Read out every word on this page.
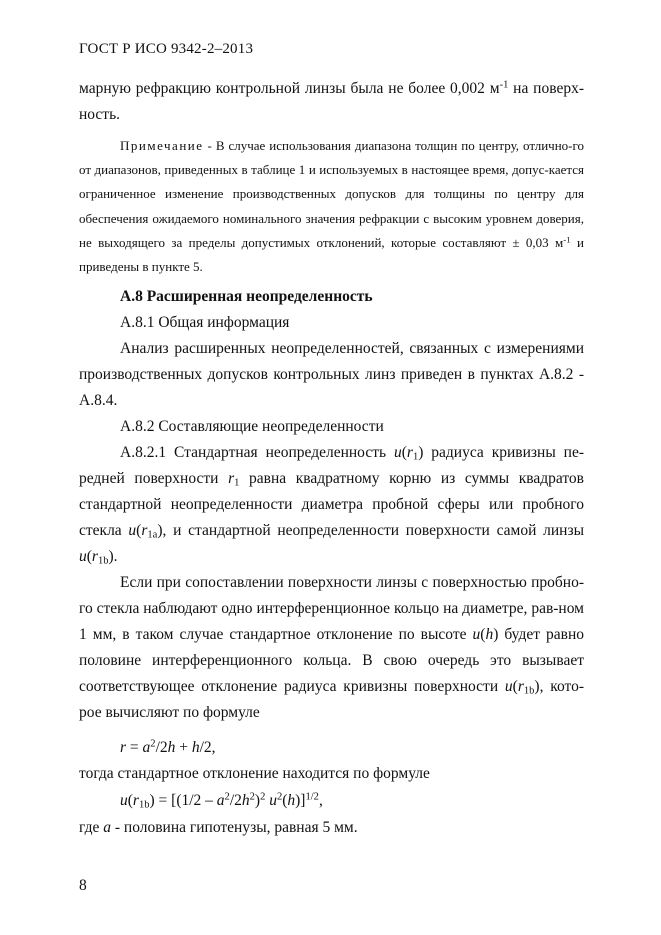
ГОСТ Р ИСО 9342-2–2013

марную рефракцию контрольной линзы была не более 0,002 $м^{-1}$ на поверх-ность.

Примечание - В случае использования диапазона толщин по центру, отлично-го от диапазонов, приведенных в таблице 1 и используемых в настоящее время, допус-кается ограниченное изменение производственных допусков для толщины по центру для обеспечения ожидаемого номинального значения рефракции с высоким уровнем доверия, не выходящего за пределы допустимых отклонений, которые составляют ± 0,03 $м^{-1}$ и приведены в пункте 5.

А.8 Расширенная неопределенность

А.8.1 Общая информация

Анализ расширенных неопределенностей, связанных с измерениями производственных допусков контрольных линз приведен в пунктах А.8.2 - А.8.4.

А.8.2 Составляющие неопределенности

А.8.2.1 Стандартная неопределенность $u(r_1)$ радиуса кривизны пе-редней поверхности $r_1$ равна квадратному корню из суммы квадратов стандартной неопределенности диаметра пробной сферы или пробного стекла $u(r_{1a})$, и стандартной неопределенности поверхности самой линзы $u(r_{1b})$.

Если при сопоставлении поверхности линзы с поверхностью пробно-го стекла наблюдают одно интерференционное кольцо на диаметре, рав-ном 1 мм, в таком случае стандартное отклонение по высоте u(h) будет равно половине интерференционного кольца. В свою очередь это вызывает соответствующее отклонение радиуса кривизны поверхности $u(r_{1b})$, кото-рое вычисляют по формуле

$r = a^2/2h + h/2$,
тогда стандартное отклонение находится по формуле
$u(r_{1b}) = [(1/2 - a^2/2h^2)^2$ $u^2(h)]^{1/2}$,
где a - половина гипотенузы, равная 5 мм.
8
